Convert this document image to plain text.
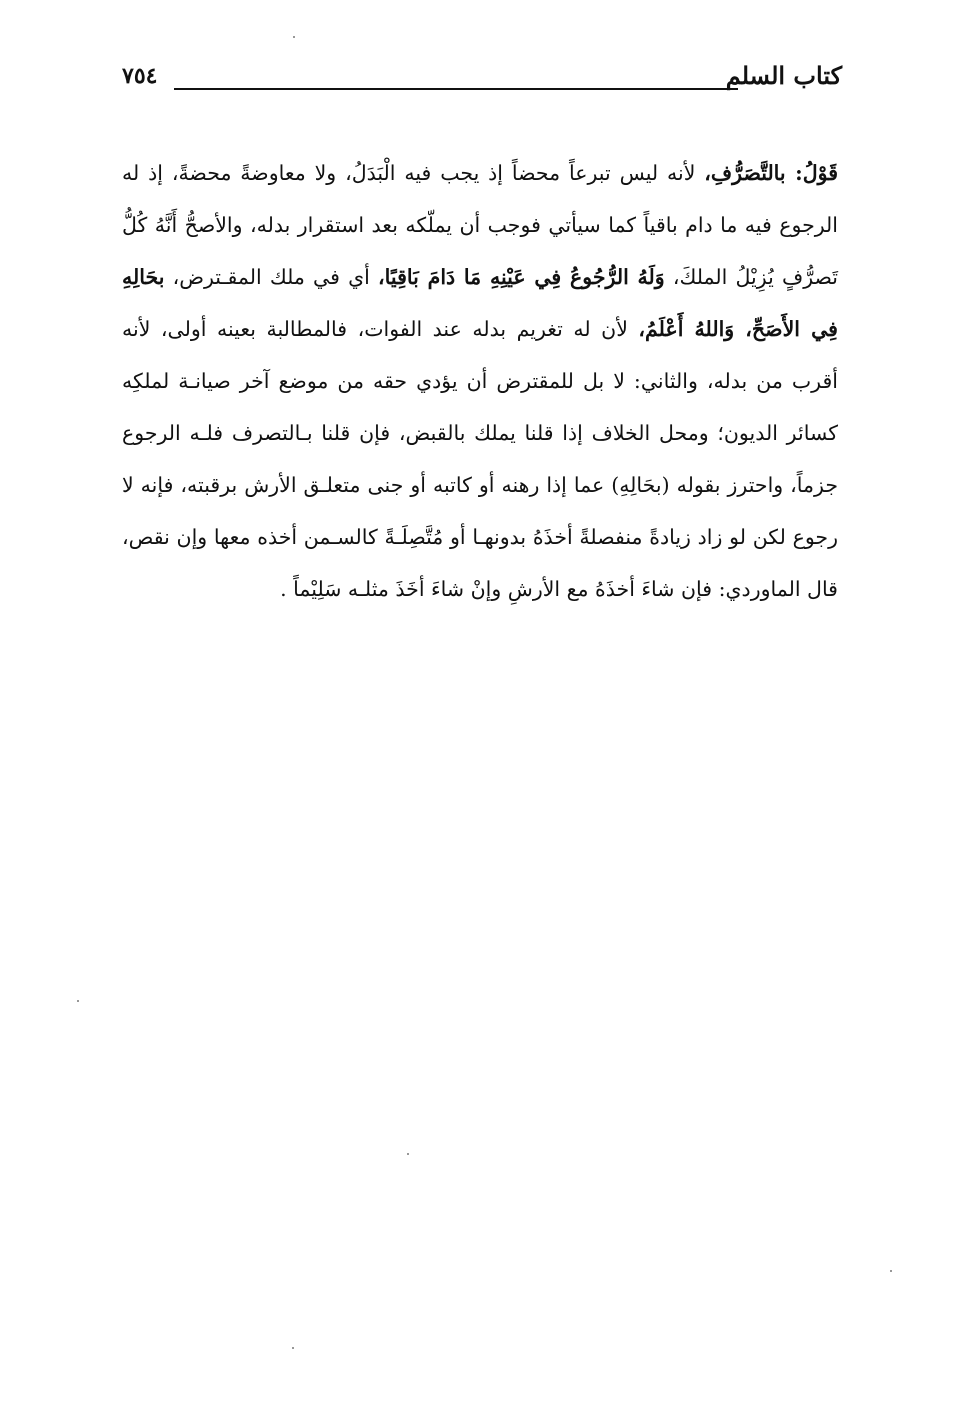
كتاب السلم
٧٥٤

قَوْلُ: بالتَّصَرُّفِ، لأنه ليس تبرعاً محضاً إذ يجب فيه الْبَدَلُ، ولا معاوضةً محضةً، إذ له الرجوع فيه ما دام باقياً كما سيأتي فوجب أن يملّكه بعد استقرار بدله، والأصحُّ أَنَّهُ كُلُّ تَصرُّفٍ يُزِيْلُ الملكَ، وَلَهُ الرُّجُوعُ فِي عَيْنِهِ مَا دَامَ بَاقِيًا، أي في ملك المقـترض، بحَالِهِ فِي الأَصَحِّ، وَاللهُ أَعْلَمُ، لأن له تغريم بدله عند الفوات، فالمطالبة بعينه أولى، لأنه أقرب من بدله، والثاني: لا بل للمقترض أن يؤدي حقه من موضع آخر صيانـة لملكِه كسائر الديون؛ ومحل الخلاف إذا قلنا يملك بالقبض، فإن قلنا بـالتصرف فلـه الرجوع جزماً، واحترز بقوله (بحَالِهِ) عما إذا رهنه أو كاتبه أو جنى متعلـق الأرش برقبته، فإنه لا رجوع لكن لو زاد زيادةً منفصلةً أخذَهُ بدونهـا أو مُتَّصِلَـةً كالسـمن أخذه معها وإن نقص، قال الماوردي: فإن شاءَ أخذَهُ مع الأرشِ وإنْ شاءَ أخَذَ مثلـه سَلِيْماً .
